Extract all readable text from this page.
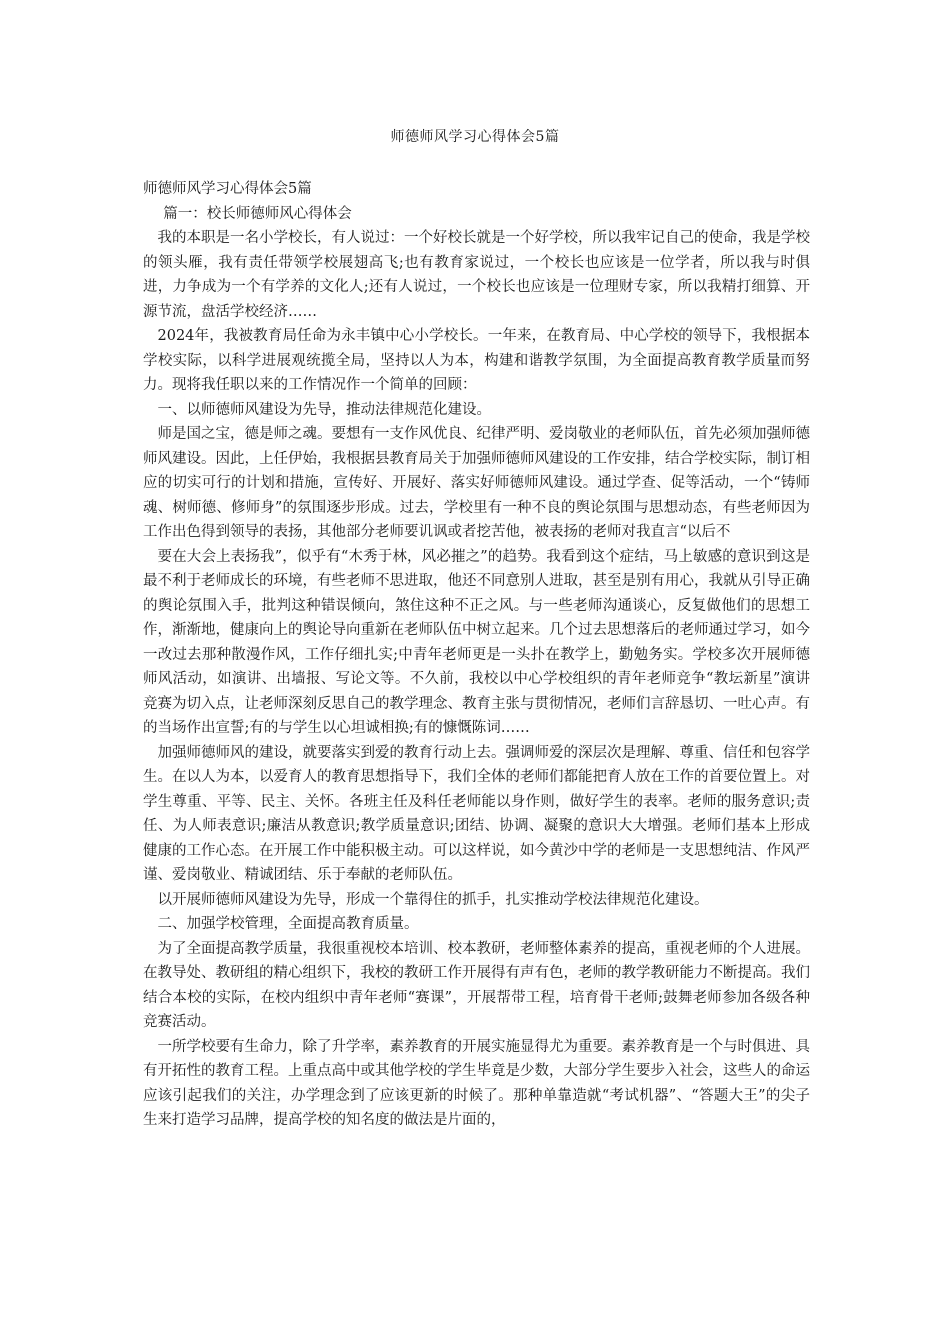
师德师风学习心得体会5篇

师德师风学习心得体会5篇

篇一：校长师德师风心得体会

我的本职是一名小学校长，有人说过：一个好校长就是一个好学校，所以我牢记自己的使命，我是学校的领头雁，我有责任带领学校展翅高飞;也有教育家说过，一个校长也应该是一位学者，所以我与时俱进，力争成为一个有学养的文化人;还有人说过，一个校长也应该是一位理财专家，所以我精打细算、开源节流，盘活学校经济……

2024年，我被教育局任命为永丰镇中心小学校长。一年来，在教育局、中心学校的领导下，我根据本学校实际，以科学进展观统揽全局，坚持以人为本，构建和谐教学氛围，为全面提高教育教学质量而努力。现将我任职以来的工作情况作一个简单的回顾：

一、以师德师风建设为先导，推动法律规范化建设。

师是国之宝，德是师之魂。要想有一支作风优良、纪律严明、爱岗敬业的老师队伍，首先必须加强师德师风建设。因此，上任伊始，我根据县教育局关于加强师德师风建设的工作安排，结合学校实际，制订相应的切实可行的计划和措施，宣传好、开展好、落实好师德师风建设。通过学查、促等活动，一个“铸师魂、树师德、修师身”的氛围逐步形成。过去，学校里有一种不良的舆论氛围与思想动态，有些老师因为工作出色得到领导的表扬，其他部分老师要讥讽或者挖苦他，被表扬的老师对我直言“以后不

要在大会上表扬我”，似乎有“木秀于林，风必摧之”的趋势。我看到这个症结，马上敏感的意识到这是最不利于老师成长的环境，有些老师不思进取，他还不同意别人进取，甚至是别有用心，我就从引导正确的舆论氛围入手，批判这种错误倾向，煞住这种不正之风。与一些老师沟通谈心，反复做他们的思想工作，渐渐地，健康向上的舆论导向重新在老师队伍中树立起来。几个过去思想落后的老师通过学习，如今一改过去那种散漫作风，工作仔细扎实;中青年老师更是一头扑在教学上，勤勉务实。学校多次开展师德师风活动，如演讲、出墙报、写论文等。不久前，我校以中心学校组织的青年老师竞争“教坛新星”演讲竞赛为切入点，让老师深刻反思自己的教学理念、教育主张与贯彻情况，老师们言辞恳切、一吐心声。有的当场作出宣誓;有的与学生以心坦诚相换;有的慷慨陈词……

加强师德师风的建设，就要落实到爱的教育行动上去。强调师爱的深层次是理解、尊重、信任和包容学生。在以人为本，以爱育人的教育思想指导下，我们全体的老师们都能把育人放在工作的首要位置上。对学生尊重、平等、民主、关怀。各班主任及科任老师能以身作则，做好学生的表率。老师的服务意识;责任、为人师表意识;廉洁从教意识;教学质量意识;团结、协调、凝聚的意识大大增强。老师们基本上形成健康的工作心态。在开展工作中能积极主动。可以这样说，如今黄沙中学的老师是一支思想纯洁、作风严谨、爱岗敬业、精诚团结、乐于奉献的老师队伍。

以开展师德师风建设为先导，形成一个靠得住的抓手，扎实推动学校法律规范化建设。

二、加强学校管理，全面提高教育质量。

为了全面提高教学质量，我很重视校本培训、校本教研，老师整体素养的提高，重视老师的个人进展。在教导处、教研组的精心组织下，我校的教研工作开展得有声有色，老师的教学教研能力不断提高。我们结合本校的实际，在校内组织中青年老师“赛课”，开展帮带工程，培育骨干老师;鼓舞老师参加各级各种竞赛活动。

一所学校要有生命力，除了升学率，素养教育的开展实施显得尤为重要。素养教育是一个与时俱进、具有开拓性的教育工程。上重点高中或其他学校的学生毕竟是少数，大部分学生要步入社会，这些人的命运应该引起我们的关注，办学理念到了应该更新的时候了。那种单靠造就“考试机器”、“答题大王”的尖子生来打造学习品牌，提高学校的知名度的做法是片面的，
